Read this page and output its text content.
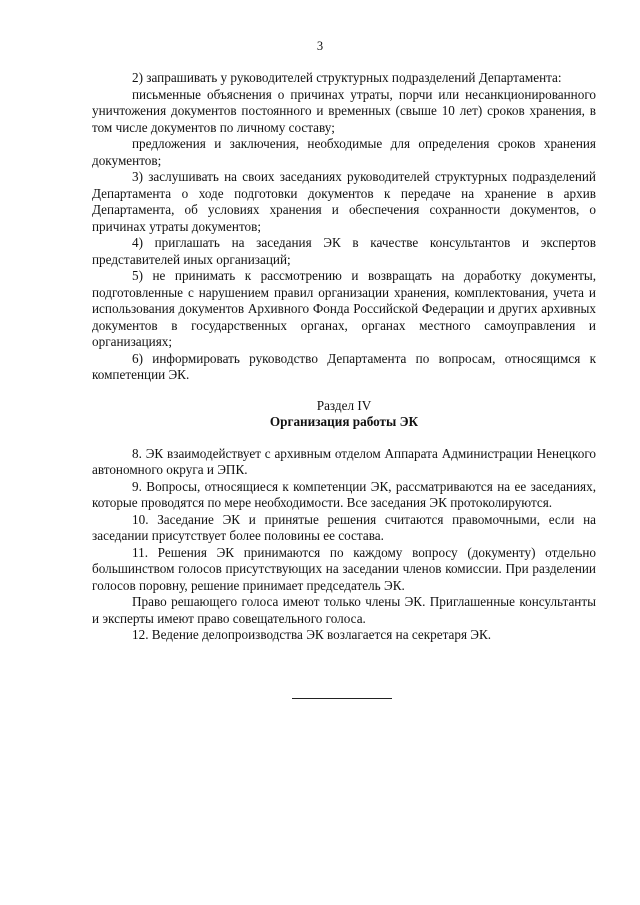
3

2) запрашивать у руководителей структурных подразделений Департамента:

письменные объяснения о причинах утраты, порчи или несанкционированного уничтожения документов постоянного и временных (свыше 10 лет) сроков хранения, в том числе документов по личному составу;

предложения и заключения, необходимые для определения сроков хранения документов;

3) заслушивать на своих заседаниях руководителей структурных подразделений Департамента о ходе подготовки документов к передаче на хранение в архив Департамента, об условиях хранения и обеспечения сохранности документов, о причинах утраты документов;

4) приглашать на заседания ЭК в качестве консультантов и экспертов представителей иных организаций;

5) не принимать к рассмотрению и возвращать на доработку документы, подготовленные с нарушением правил организации хранения, комплектования, учета и использования документов Архивного Фонда Российской Федерации и других архивных документов в государственных органах, органах местного самоуправления и организациях;

6) информировать руководство Департамента по вопросам, относящимся к компетенции ЭК.

Раздел IV

Организация работы ЭК

8. ЭК взаимодействует с архивным отделом Аппарата Администрации Ненецкого автономного округа и ЭПК.

9. Вопросы, относящиеся к компетенции ЭК, рассматриваются на ее заседаниях, которые проводятся по мере необходимости. Все заседания ЭК протоколируются.

10. Заседание ЭК и принятые решения считаются правомочными, если на заседании присутствует более половины ее состава.

11. Решения ЭК принимаются по каждому вопросу (документу) отдельно большинством голосов присутствующих на заседании членов комиссии. При разделении голосов поровну, решение принимает председатель ЭК.

Право решающего голоса имеют только члены ЭК. Приглашенные консультанты и эксперты имеют право совещательного голоса.

12. Ведение делопроизводства ЭК возлагается на секретаря ЭК.
